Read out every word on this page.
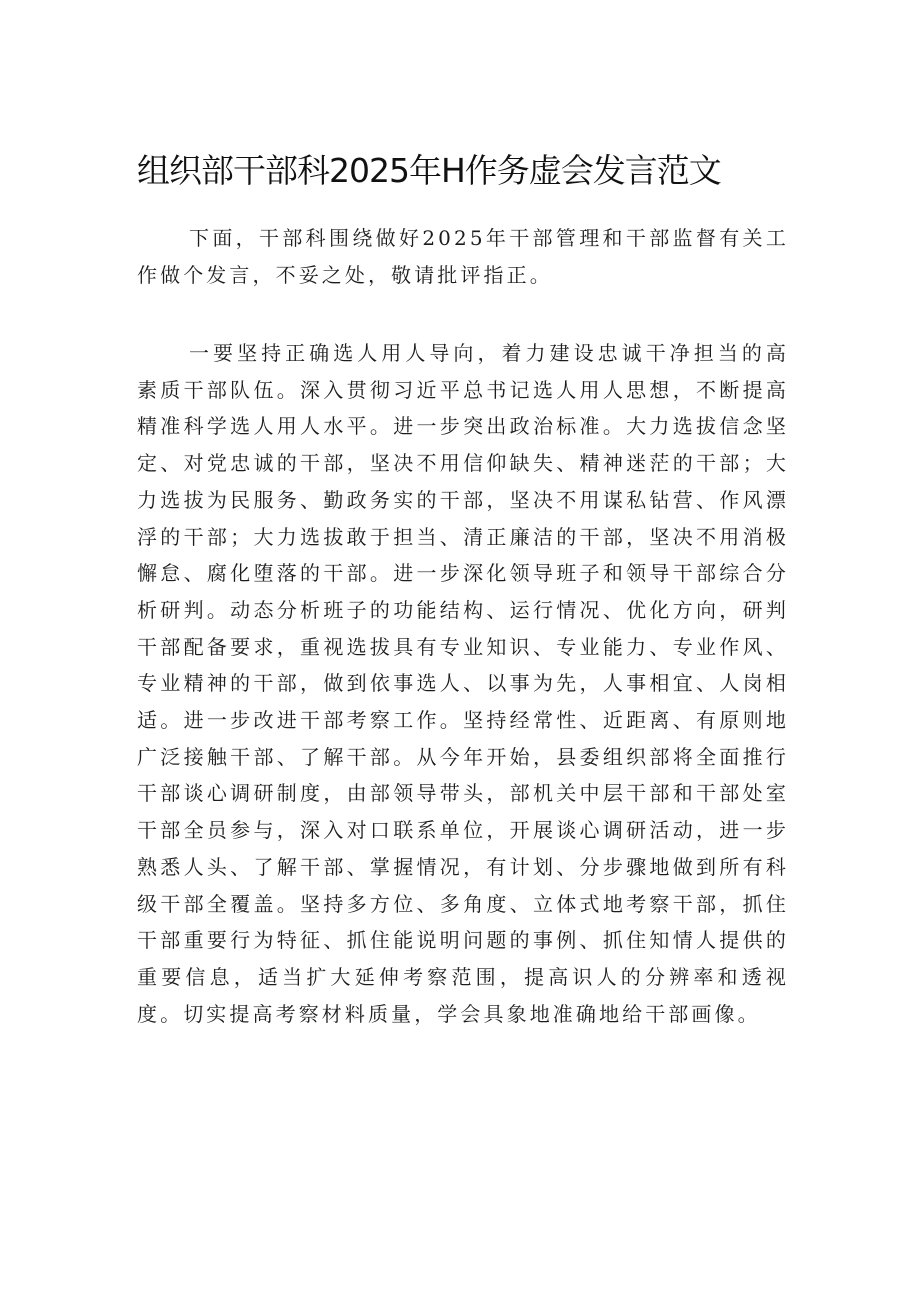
组织部干部科2025年H作务虚会发言范文

下面，干部科围绕做好2025年干部管理和干部监督有关工作做个发言，不妥之处，敬请批评指正。

一要坚持正确选人用人导向，着力建设忠诚干净担当的高素质干部队伍。深入贯彻习近平总书记选人用人思想，不断提高精准科学选人用人水平。进一步突出政治标准。大力选拔信念坚定、对党忠诚的干部，坚决不用信仰缺失、精神迷茫的干部；大力选拔为民服务、勤政务实的干部，坚决不用谋私钻营、作风漂浮的干部；大力选拔敢于担当、清正廉洁的干部，坚决不用消极懈怠、腐化堕落的干部。进一步深化领导班子和领导干部综合分析研判。动态分析班子的功能结构、运行情况、优化方向，研判干部配备要求，重视选拔具有专业知识、专业能力、专业作风、专业精神的干部，做到依事选人、以事为先，人事相宜、人岗相适。进一步改进干部考察工作。坚持经常性、近距离、有原则地广泛接触干部、了解干部。从今年开始，县委组织部将全面推行干部谈心调研制度，由部领导带头，部机关中层干部和干部处室干部全员参与，深入对口联系单位，开展谈心调研活动，进一步熟悉人头、了解干部、掌握情况，有计划、分步骤地做到所有科级干部全覆盖。坚持多方位、多角度、立体式地考察干部，抓住干部重要行为特征、抓住能说明问题的事例、抓住知情人提供的重要信息，适当扩大延伸考察范围，提高识人的分辨率和透视度。切实提高考察材料质量，学会具象地准确地给干部画像。
